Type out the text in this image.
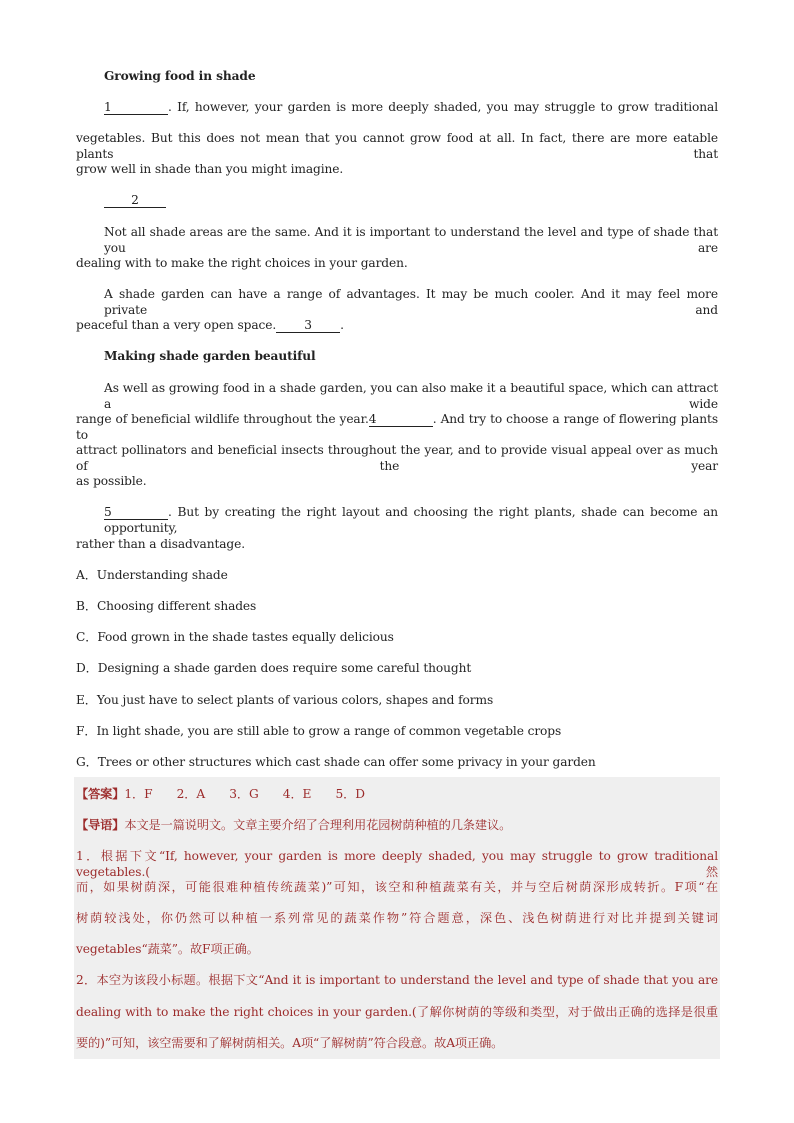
Growing food in shade
1	. If, however, your garden is more deeply shaded, you may struggle to grow traditional
vegetables. But this does not mean that you cannot grow food at all. In fact, there are more eatable plants that
grow well in shade than you might imagine.
2
Not all shade areas are the same. And it is important to understand the level and type of shade that you are
dealing with to make the right choices in your garden.
A shade garden can have a range of advantages. It may be much cooler. And it may feel more private and
peaceful than a very open space. 3 .
Making shade garden beautiful
As well as growing food in a shade garden, you can also make it a beautiful space, which can attract a wide
range of beneficial wildlife throughout the year.4	. And try to choose a range of flowering plants to
attract pollinators and beneficial insects throughout the year, and to provide visual appeal over as much of the year
as possible.
5	. But by creating the right layout and choosing the right plants, shade can become an opportunity,
rather than a disadvantage.
A．Understanding shade
B．Choosing different shades
C．Food grown in the shade tastes equally delicious
D．Designing a shade garden does require some careful thought
E．You just have to select plants of various colors, shapes and forms
F．In light shade, you are still able to grow a range of common vegetable crops
G．Trees or other structures which cast shade can offer some privacy in your garden
【答案】1．F　　2．A　　3．G　　4．E　　5．D
【导语】本文是一篇说明文。文章主要介绍了合理利用花园树荫种植的几条建议。
1．根据下文“If, however, your garden is more deeply shaded, you may struggle to grow traditional vegetables.(然
而，如果树荫深，可能很难种植传统蔬菜)”可知，该空和种植蔬菜有关，并与空后树荫深形成转折。F项“在
树荫较浅处，你仍然可以种植一系列常见的蔬菜作物”符合题意，深色、浅色树荫进行对比并提到关键词
vegetables“蔬菜”。故F项正确。
2．本空为该段小标题。根据下文“And it is important to understand the level and type of shade that you are
dealing with to make the right choices in your garden.(了解你树荫的等级和类型，对于做出正确的选择是很重
要的)”可知，该空需要和了解树荫相关。A项“了解树荫”符合段意。故A项正确。
